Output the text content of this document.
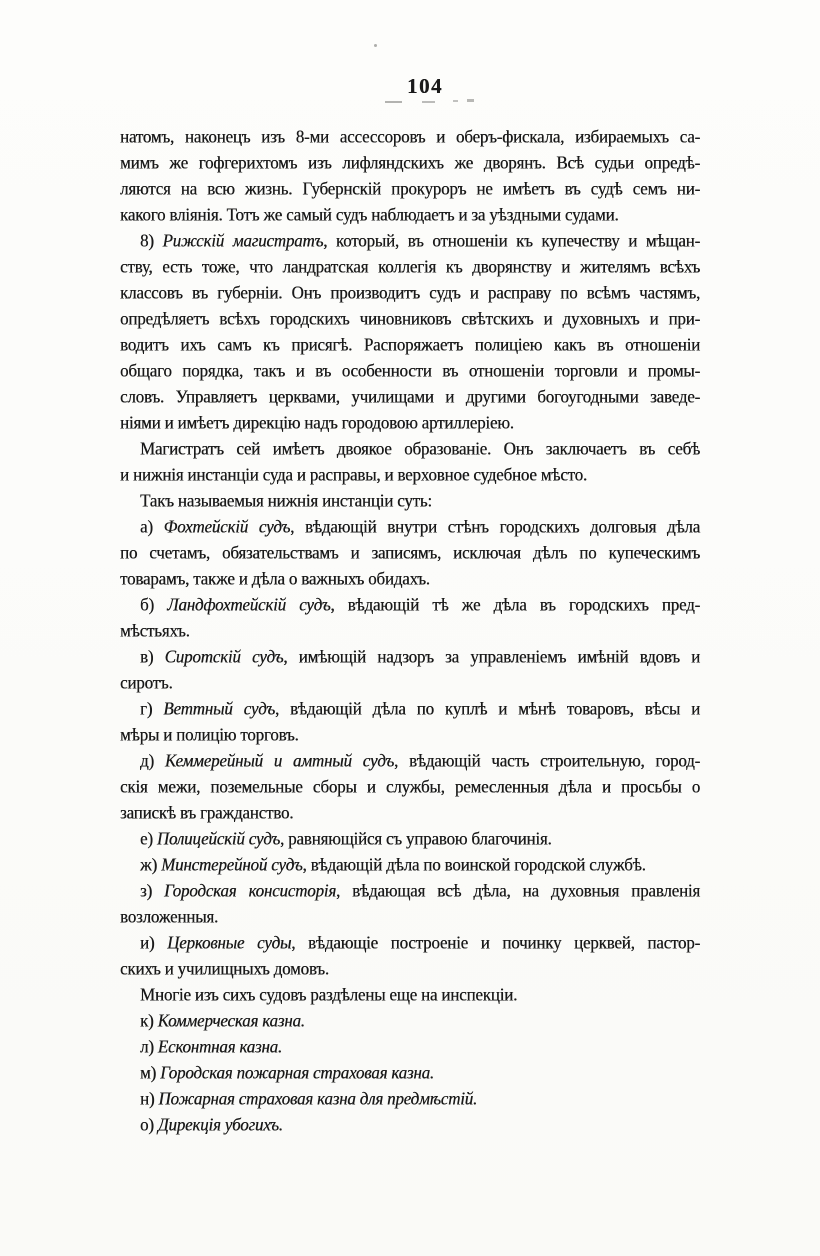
104
натомъ, наконецъ изъ 8-ми ассессоровъ и оберъ-фискала, избираемыхъ са-
мимъ же гофгерихтомъ изъ лифляндскихъ же дворянъ. Всѣ судьи опредѣ-
ляются на всю жизнь. Губернскій прокуроръ не имѣетъ въ судѣ семъ ни-
какого вліянія. Тотъ же самый судъ наблюдаетъ и за уѣздными судами.
8) Рижскій магистратъ, который, въ отношеніи къ купечеству и мѣщан-
ству, есть тоже, что ландратская коллегія къ дворянству и жителямъ всѣхъ
классовъ въ губерніи. Онъ производитъ судъ и расправу по всѣмъ частямъ,
опредѣляетъ всѣхъ городскихъ чиновниковъ свѣтскихъ и духовныхъ и при-
водитъ ихъ самъ къ присягѣ. Распоряжаетъ полиціею какъ въ отношеніи
общаго порядка, такъ и въ особенности въ отношеніи торговли и промы-
словъ. Управляетъ церквами, училищами и другими богоугодными заведе-
ніями и имѣетъ дирекцію надъ городовою артиллеріею.
Магистратъ сей имѣетъ двоякое образованіе. Онъ заключаетъ въ себѣ
и нижнія инстанціи суда и расправы, и верховное судебное мѣсто.
Такъ называемыя нижнія инстанціи суть:
а) Фохтейскій судъ, вѣдающій внутри стѣнъ городскихъ долговыя дѣла
по счетамъ, обязательствамъ и записямъ, исключая дѣлъ по купеческимъ
товарамъ, также и дѣла о важныхъ обидахъ.
б) Ландфохтейскій судъ, вѣдающій тѣ же дѣла въ городскихъ пред-
мѣстьяхъ.
в) Сиротскій судъ, имѣющій надзоръ за управленіемъ имѣній вдовъ и
сиротъ.
г) Веттный судъ, вѣдающій дѣла по куплѣ и мѣнѣ товаровъ, вѣсы и
мѣры и полицію торговъ.
д) Кеммерейный и амтный судъ, вѣдающій часть строительную, город-
скія межи, поземельные сборы и службы, ремесленныя дѣла и просьбы о
запискѣ въ гражданство.
е) Полицейскій судъ, равняющійся съ управою благочинія.
ж) Минстерейной судъ, вѣдающій дѣла по воинской городской службѣ.
з) Городская консисторія, вѣдающая всѣ дѣла, на духовныя правленія
возложенныя.
и) Церковные суды, вѣдающіе построеніе и починку церквей, пастор-
скихъ и училищныхъ домовъ.
Многіе изъ сихъ судовъ раздѣлены еще на инспекціи.
к) Коммерческая казна.
л) Есконтная казна.
м) Городская пожарная страховая казна.
н) Пожарная страховая казна для предмѣстій.
о) Дирекція убогихъ.
